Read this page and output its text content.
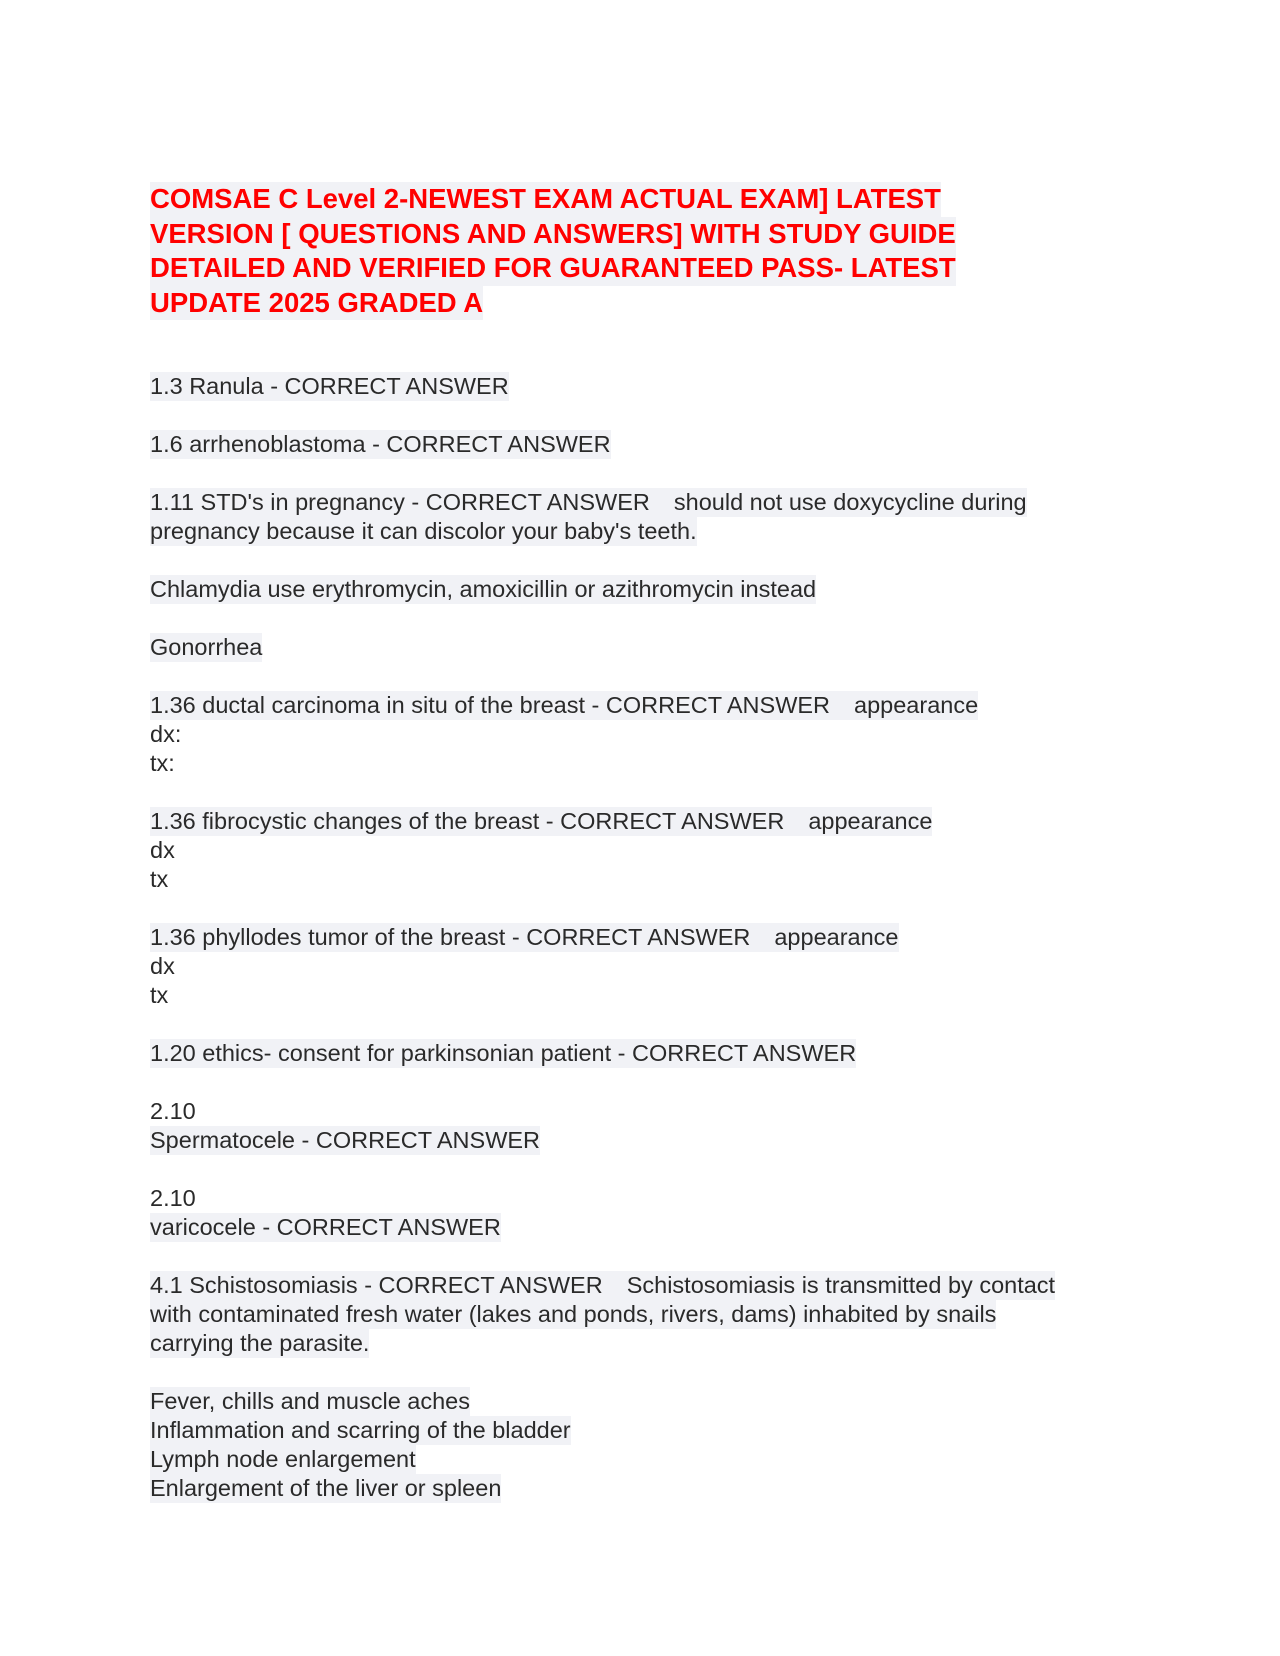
COMSAE C Level 2-NEWEST EXAM ACTUAL EXAM] LATEST
VERSION [ QUESTIONS AND ANSWERS] WITH STUDY GUIDE
DETAILED AND VERIFIED FOR GUARANTEED PASS- LATEST
UPDATE 2025 GRADED A
1.3 Ranula - CORRECT ANSWER
1.6 arrhenoblastoma - CORRECT ANSWER
1.11 STD's in pregnancy - CORRECT ANSWER should not use doxycycline during
pregnancy because it can discolor your baby's teeth.
Chlamydia use erythromycin, amoxicillin or azithromycin instead
Gonorrhea
1.36 ductal carcinoma in situ of the breast - CORRECT ANSWER appearance
dx:
tx:
1.36 fibrocystic changes of the breast - CORRECT ANSWER appearance
dx
tx
1.36 phyllodes tumor of the breast - CORRECT ANSWER appearance
dx
tx
1.20 ethics- consent for parkinsonian patient - CORRECT ANSWER
2.10
Spermatocele - CORRECT ANSWER
2.10
varicocele - CORRECT ANSWER
4.1 Schistosomiasis - CORRECT ANSWER Schistosomiasis is transmitted by contact
with contaminated fresh water (lakes and ponds, rivers, dams) inhabited by snails
carrying the parasite.
Fever, chills and muscle aches
Inflammation and scarring of the bladder
Lymph node enlargement
Enlargement of the liver or spleen
